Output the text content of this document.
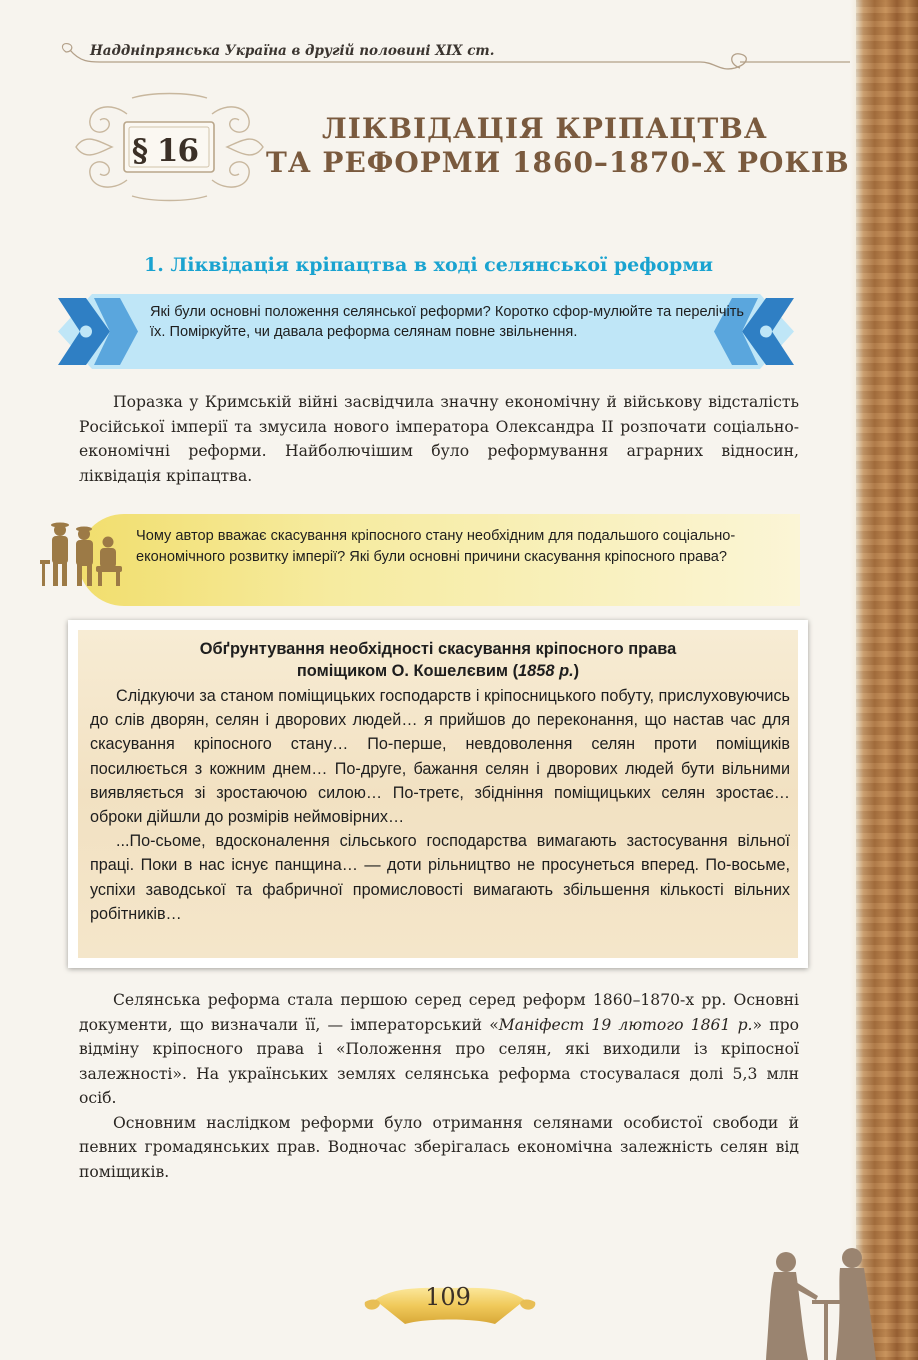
Наддніпрянська Україна в другій половині XIX ст.
§ 16
ЛІКВІДАЦІЯ КРІПАЦТВА
ТА РЕФОРМИ 1860–1870-Х РОКІВ
1. Ліквідація кріпацтва в ході селянської реформи
Які були основні положення селянської реформи? Коротко сфор-мулюйте та перелічіть їх. Поміркуйте, чи давала реформа селянам повне звільнення.
Поразка у Кримській війні засвідчила значну економічну й військову відсталість Російської імперії та змусила нового імператора Олександра II розпочати соціально-економічні реформи. Найболючішим було реформування аграрних відносин, ліквідація кріпацтва.
Чому автор вважає скасування кріпосного стану необхідним для подальшого соціально-економічного розвитку імперії? Які були основні причини скасування кріпосного права?
Обґрунтування необхідності скасування кріпосного права
поміщиком О. Кошелєвим (1858 р.)
Слідкуючи за станом поміщицьких господарств і кріпосницького побуту, прислуховуючись до слів дворян, селян і дворових людей… я прийшов до переконання, що настав час для скасування кріпосного стану… По-перше, невдоволення селян проти поміщиків посилюється з кожним днем… По-друге, бажання селян і дворових людей бути вільними виявляється зі зростаючою силою… По-третє, збіднiння поміщицьких селян зростає… оброки дійшли до розмірів неймовірних…
...По-сьоме, вдосконалення сільського господарства вимагають застосування вільної праці. Поки в нас існує панщина… — доти рільництво не просунеться вперед. По-восьме, успіхи заводської та фабричної промисловості вимагають збільшення кількості вільних робітників…
Селянська реформа стала першою серед серед реформ 1860–1870-х рр. Основні документи, що визначали її, — імператорський «Маніфест 19 лютого 1861 р.» про відміну кріпосного права і «Положення про селян, які виходили із кріпосної залежності». На українських землях селянська реформа стосувалася долі 5,3 млн осіб.
Основним наслідком реформи було отримання селянами особистої свободи й певних громадянських прав. Водночас зберігалась економічна залежність селян від поміщиків.
109
